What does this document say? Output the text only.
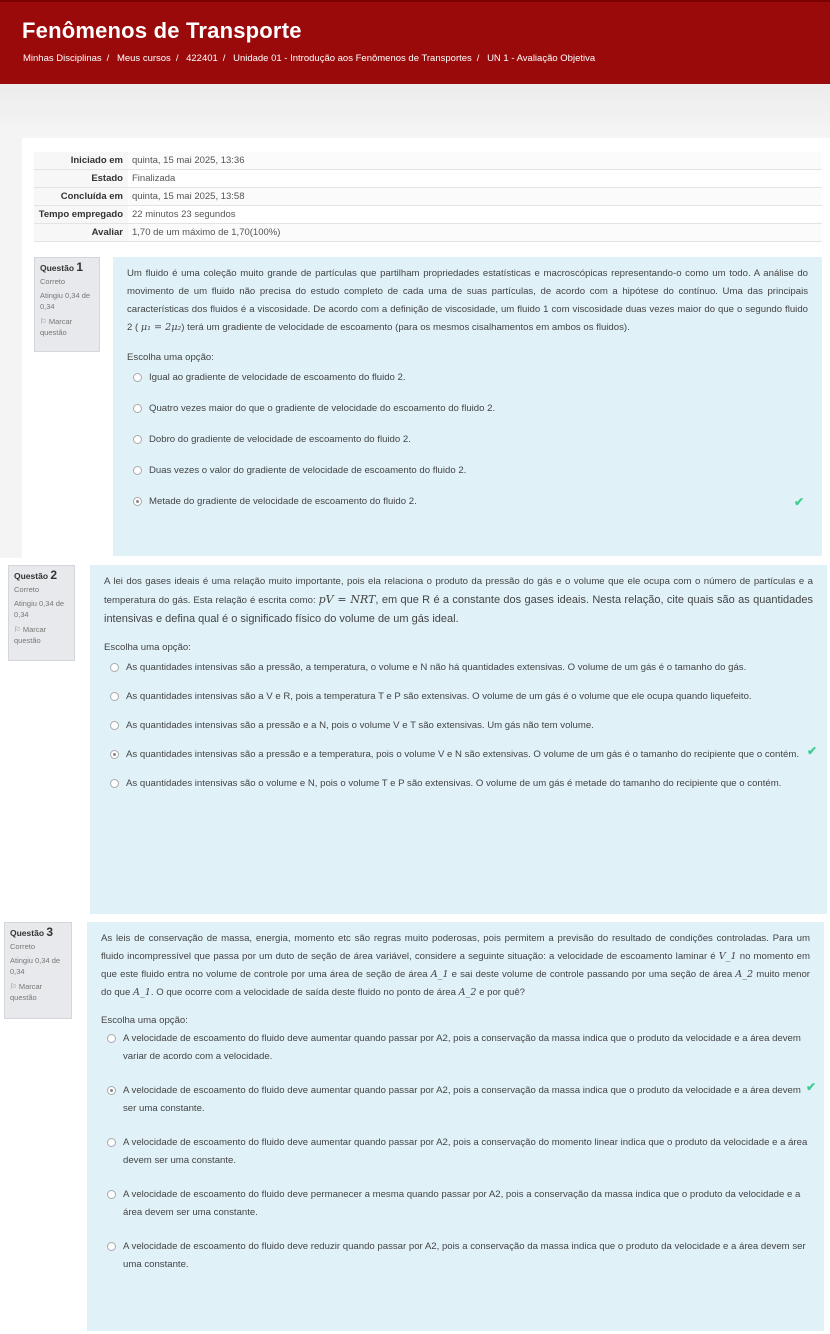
Fenômenos de Transporte
Minhas Disciplinas / Meus cursos / 422401 / Unidade 01 - Introdução aos Fenômenos de Transportes / UN 1 - Avaliação Objetiva
Iniciado em	quinta, 15 mai 2025, 13:36
Estado	Finalizada
Concluída em	quinta, 15 mai 2025, 13:58
Tempo empregado	22 minutos 23 segundos
Avaliar	1,70 de um máximo de 1,70(100%)
Questão 1
Correto
Atingiu 0,34 de 0,34
⚐ Marcar questão
Um fluido é uma coleção muito grande de partículas que partilham propriedades estatísticas e macroscópicas representando-o como um todo. A análise do movimento de um fluido não precisa do estudo completo de cada uma de suas partículas, de acordo com a hipótese do contínuo. Uma das principais características dos fluidos é a viscosidade. De acordo com a definição de viscosidade, um fluido 1 com viscosidade duas vezes maior do que o segundo fluido 2 ( μ₁ = 2μ₂) terá um gradiente de velocidade de escoamento (para os mesmos cisalhamentos em ambos os fluidos).
Escolha uma opção:
Igual ao gradiente de velocidade de escoamento do fluido 2.
Quatro vezes maior do que o gradiente de velocidade do escoamento do fluido 2.
Dobro do gradiente de velocidade de escoamento do fluido 2.
Duas vezes o valor do gradiente de velocidade de escoamento do fluido 2.
Metade do gradiente de velocidade de escoamento do fluido 2.	✔
Questão 2
Correto
Atingiu 0,34 de 0,34
⚐ Marcar questão
A lei dos gases ideais é uma relação muito importante, pois ela relaciona o produto da pressão do gás e o volume que ele ocupa com o número de partículas e a temperatura do gás. Esta relação é escrita como: pV = NRT, em que R é a constante dos gases ideais. Nesta relação, cite quais são as quantidades intensivas e defina qual é o significado físico do volume de um gás ideal.
Escolha uma opção:
As quantidades intensivas são a pressão, a temperatura, o volume e N não há quantidades extensivas. O volume de um gás é o tamanho do gás.
As quantidades intensivas são a V e R, pois a temperatura T e P são extensivas. O volume de um gás é o volume que ele ocupa quando liquefeito.
As quantidades intensivas são a pressão e a N, pois o volume V e T são extensivas. Um gás não tem volume.
As quantidades intensivas são a pressão e a temperatura, pois o volume V e N são extensivas. O volume de um gás é o tamanho do recipiente que o contém. ✔
As quantidades intensivas são o volume e N, pois o volume T e P são extensivas. O volume de um gás é metade do tamanho do recipiente que o contém.
Questão 3
Correto
Atingiu 0,34 de 0,34
⚐ Marcar questão
As leis de conservação de massa, energia, momento etc são regras muito poderosas, pois permitem a previsão do resultado de condições controladas. Para um fluido incompressível que passa por um duto de seção de área variável, considere a seguinte situação: a velocidade de escoamento laminar é V_1 no momento em que este fluido entra no volume de controle por uma área de seção de área A_1 e sai deste volume de controle passando por uma seção de área A_2 muito menor do que A_1. O que ocorre com a velocidade de saída deste fluido no ponto de área A_2 e por quê?
Escolha uma opção:
A velocidade de escoamento do fluido deve aumentar quando passar por A2, pois a conservação da massa indica que o produto da velocidade e a área devem variar de acordo com a velocidade.
A velocidade de escoamento do fluido deve aumentar quando passar por A2, pois a conservação da massa indica que o produto da velocidade e a área devem ser uma constante.
✔
A velocidade de escoamento do fluido deve aumentar quando passar por A2, pois a conservação do momento linear indica que o produto da velocidade e a área devem ser uma constante.
A velocidade de escoamento do fluido deve permanecer a mesma quando passar por A2, pois a conservação da massa indica que o produto da velocidade e a área devem ser uma constante.
A velocidade de escoamento do fluido deve reduzir quando passar por A2, pois a conservação da massa indica que o produto da velocidade e a área devem ser uma constante.
